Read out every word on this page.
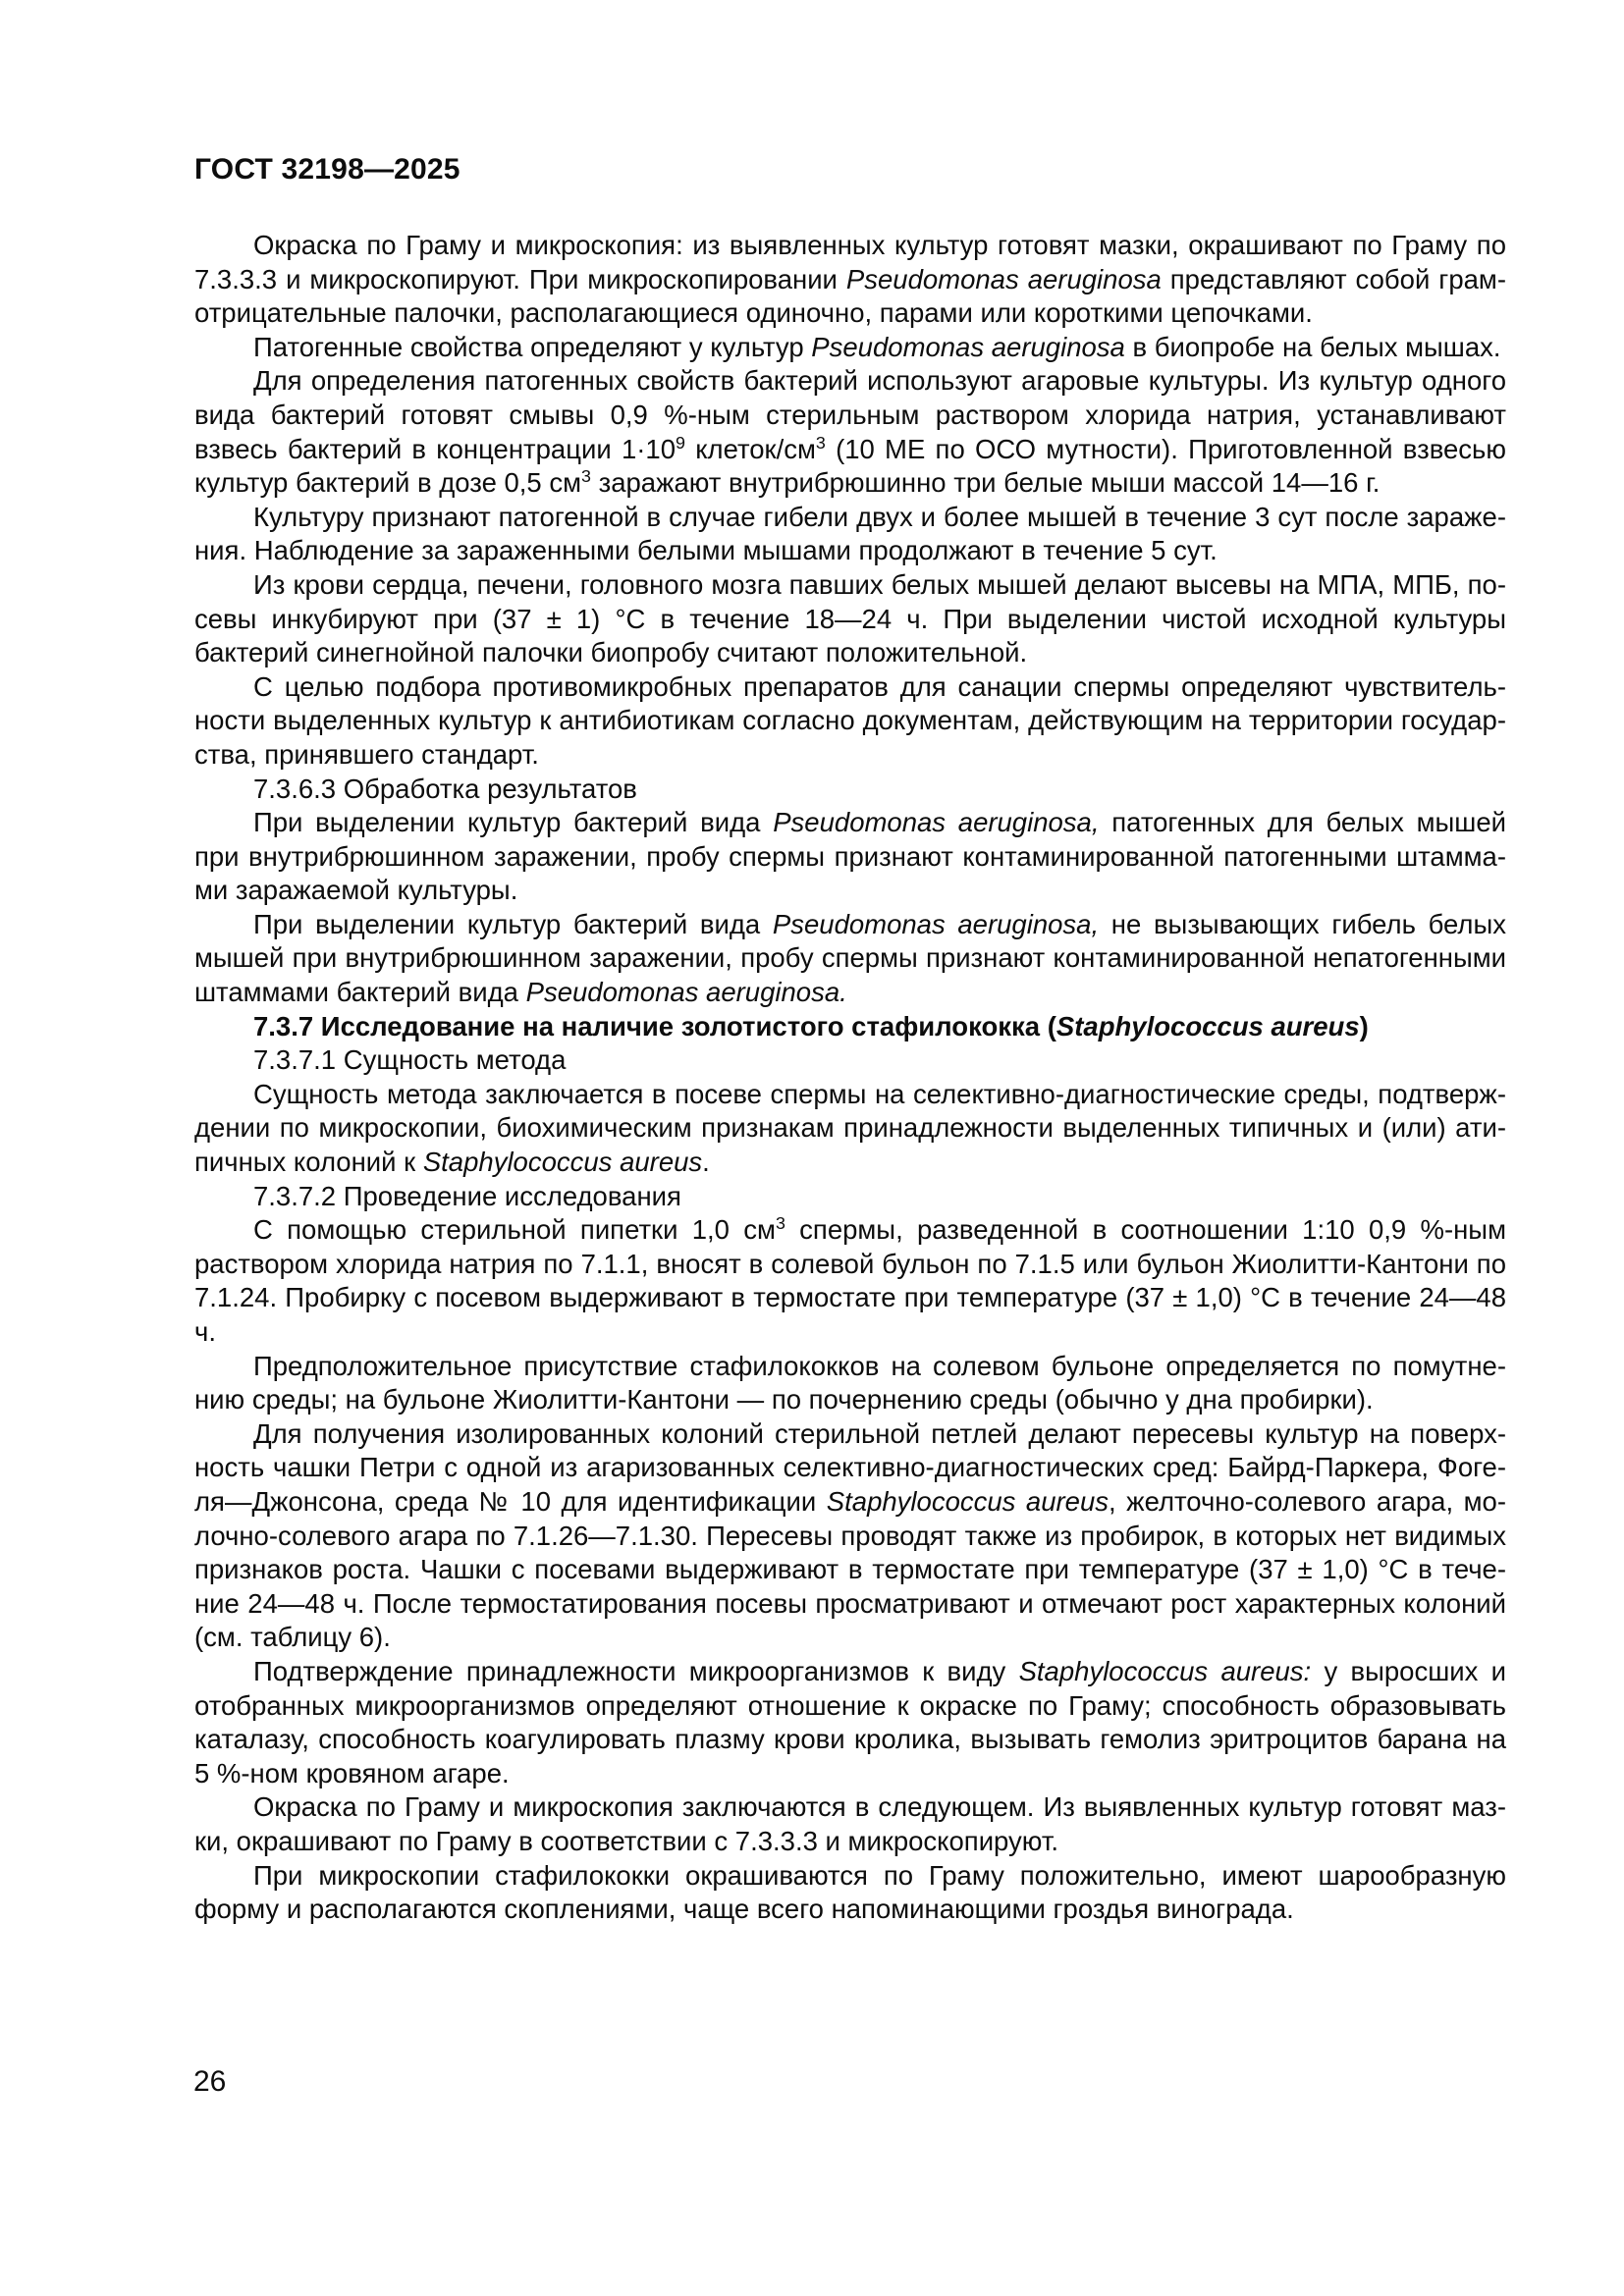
ГОСТ 32198—2025

Окраска по Граму и микроскопия: из выявленных культур готовят мазки, окрашивают по Граму по 7.3.3.3 и микроскопируют. При микроскопировании Pseudomonas aeruginosa представляют собой грамотрицательные палочки, располагающиеся одиночно, парами или короткими цепочками.

Патогенные свойства определяют у культур Pseudomonas aeruginosa в биопробе на белых мышах.

Для определения патогенных свойств бактерий используют агаровые культуры. Из культур одного вида бактерий готовят смывы 0,9 %-ным стерильным раствором хлорида натрия, устанавливают взвесь бактерий в концентрации $1\cdot 10^9$ клеток/$см^3$ (10 МЕ по ОСО мутности). Приготовленной взвесью культур бактерий в дозе 0,5 $см^3$ заражают внутрибрюшинно три белые мыши массой 14—16 г.

Культуру признают патогенной в случае гибели двух и более мышей в течение 3 сут после заражения. Наблюдение за зараженными белыми мышами продолжают в течение 5 сут.

Из крови сердца, печени, головного мозга павших белых мышей делают высевы на МПА, МПБ, посевы инкубируют при (37 ± 1) °С в течение 18—24 ч. При выделении чистой исходной культуры бактерий синегнойной палочки биопробу считают положительной.

С целью подбора противомикробных препаратов для санации спермы определяют чувствительности выделенных культур к антибиотикам согласно документам, действующим на территории государства, принявшего стандарт.

7.3.6.3 Обработка результатов

При выделении культур бактерий вида Pseudomonas aeruginosa, патогенных для белых мышей при внутрибрюшинном заражении, пробу спермы признают контаминированной патогенными штаммами заражаемой культуры.

При выделении культур бактерий вида Pseudomonas aeruginosa, не вызывающих гибель белых мышей при внутрибрюшинном заражении, пробу спермы признают контаминированной непатогенными штаммами бактерий вида Pseudomonas aeruginosa.

7.3.7 Исследование на наличие золотистого стафилококка (Staphylococcus aureus)

7.3.7.1 Сущность метода

Сущность метода заключается в посеве спермы на селективно-диагностические среды, подтверждении по микроскопии, биохимическим признакам принадлежности выделенных типичных и (или) атипичных колоний к Staphylococcus aureus.

7.3.7.2 Проведение исследования

С помощью стерильной пипетки 1,0 $см^3$ спермы, разведенной в соотношении 1:10 0,9 %-ным раствором хлорида натрия по 7.1.1, вносят в солевой бульон по 7.1.5 или бульон Жиолитти-Кантони по 7.1.24. Пробирку с посевом выдерживают в термостате при температуре (37 ± 1,0) °С в течение 24—48 ч.

Предположительное присутствие стафилококков на солевом бульоне определяется по помутнению среды; на бульоне Жиолитти-Кантони — по почернению среды (обычно у дна пробирки).

Для получения изолированных колоний стерильной петлей делают пересевы культур на поверхность чашки Петри с одной из агаризованных селективно-диагностических сред: Байрд-Паркера, Фогеля—Джонсона, среда № 10 для идентификации Staphylococcus aureus, желточно-солевого агара, молочно-солевого агара по 7.1.26—7.1.30. Пересевы проводят также из пробирок, в которых нет видимых признаков роста. Чашки с посевами выдерживают в термостате при температуре (37 ± 1,0) °С в течение 24—48 ч. После термостатирования посевы просматривают и отмечают рост характерных колоний (см. таблицу 6).

Подтверждение принадлежности микроорганизмов к виду Staphylococcus aureus: у выросших и отобранных микроорганизмов определяют отношение к окраске по Граму; способность образовывать каталазу, способность коагулировать плазму крови кролика, вызывать гемолиз эритроцитов барана на 5 %-ном кровяном агаре.

Окраска по Граму и микроскопия заключаются в следующем. Из выявленных культур готовят мазки, окрашивают по Граму в соответствии с 7.3.3.3 и микроскопируют.

При микроскопии стафилококки окрашиваются по Граму положительно, имеют шарообразную форму и располагаются скоплениями, чаще всего напоминающими гроздья винограда.

26
